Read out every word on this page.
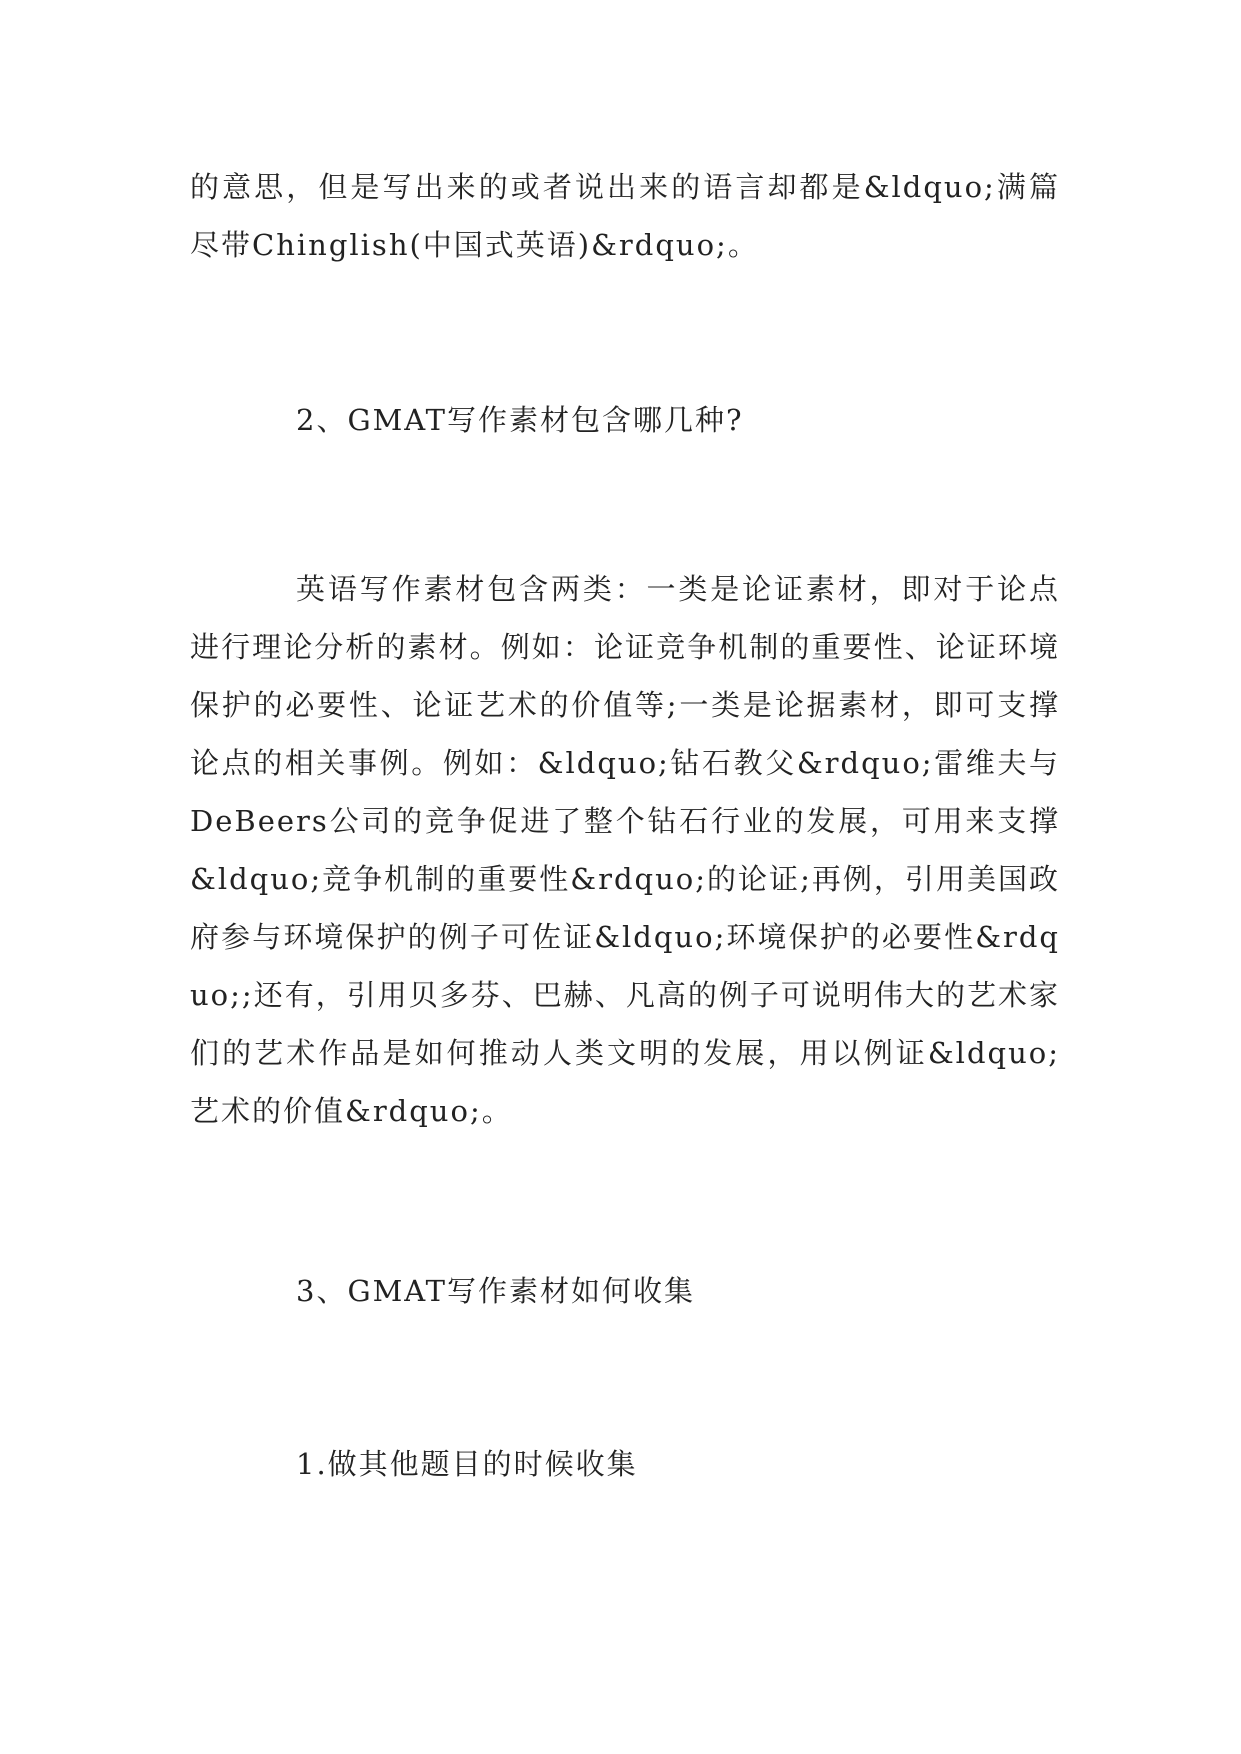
的意思，但是写出来的或者说出来的语言却都是&ldquo;满篇尽带Chinglish(中国式英语)&rdquo;。

2、GMAT写作素材包含哪几种?

英语写作素材包含两类：一类是论证素材，即对于论点进行理论分析的素材。例如：论证竞争机制的重要性、论证环境保护的必要性、论证艺术的价值等;一类是论据素材，即可支撑论点的相关事例。例如：&ldquo;钻石教父&rdquo;雷维夫与DeBeers公司的竞争促进了整个钻石行业的发展，可用来支撑&ldquo;竞争机制的重要性&rdquo;的论证;再例，引用美国政府参与环境保护的例子可佐证&ldquo;环境保护的必要性&rdquo;;还有，引用贝多芬、巴赫、凡高的例子可说明伟大的艺术家们的艺术作品是如何推动人类文明的发展，用以例证&ldquo;艺术的价值&rdquo;。

3、GMAT写作素材如何收集

1.做其他题目的时候收集
